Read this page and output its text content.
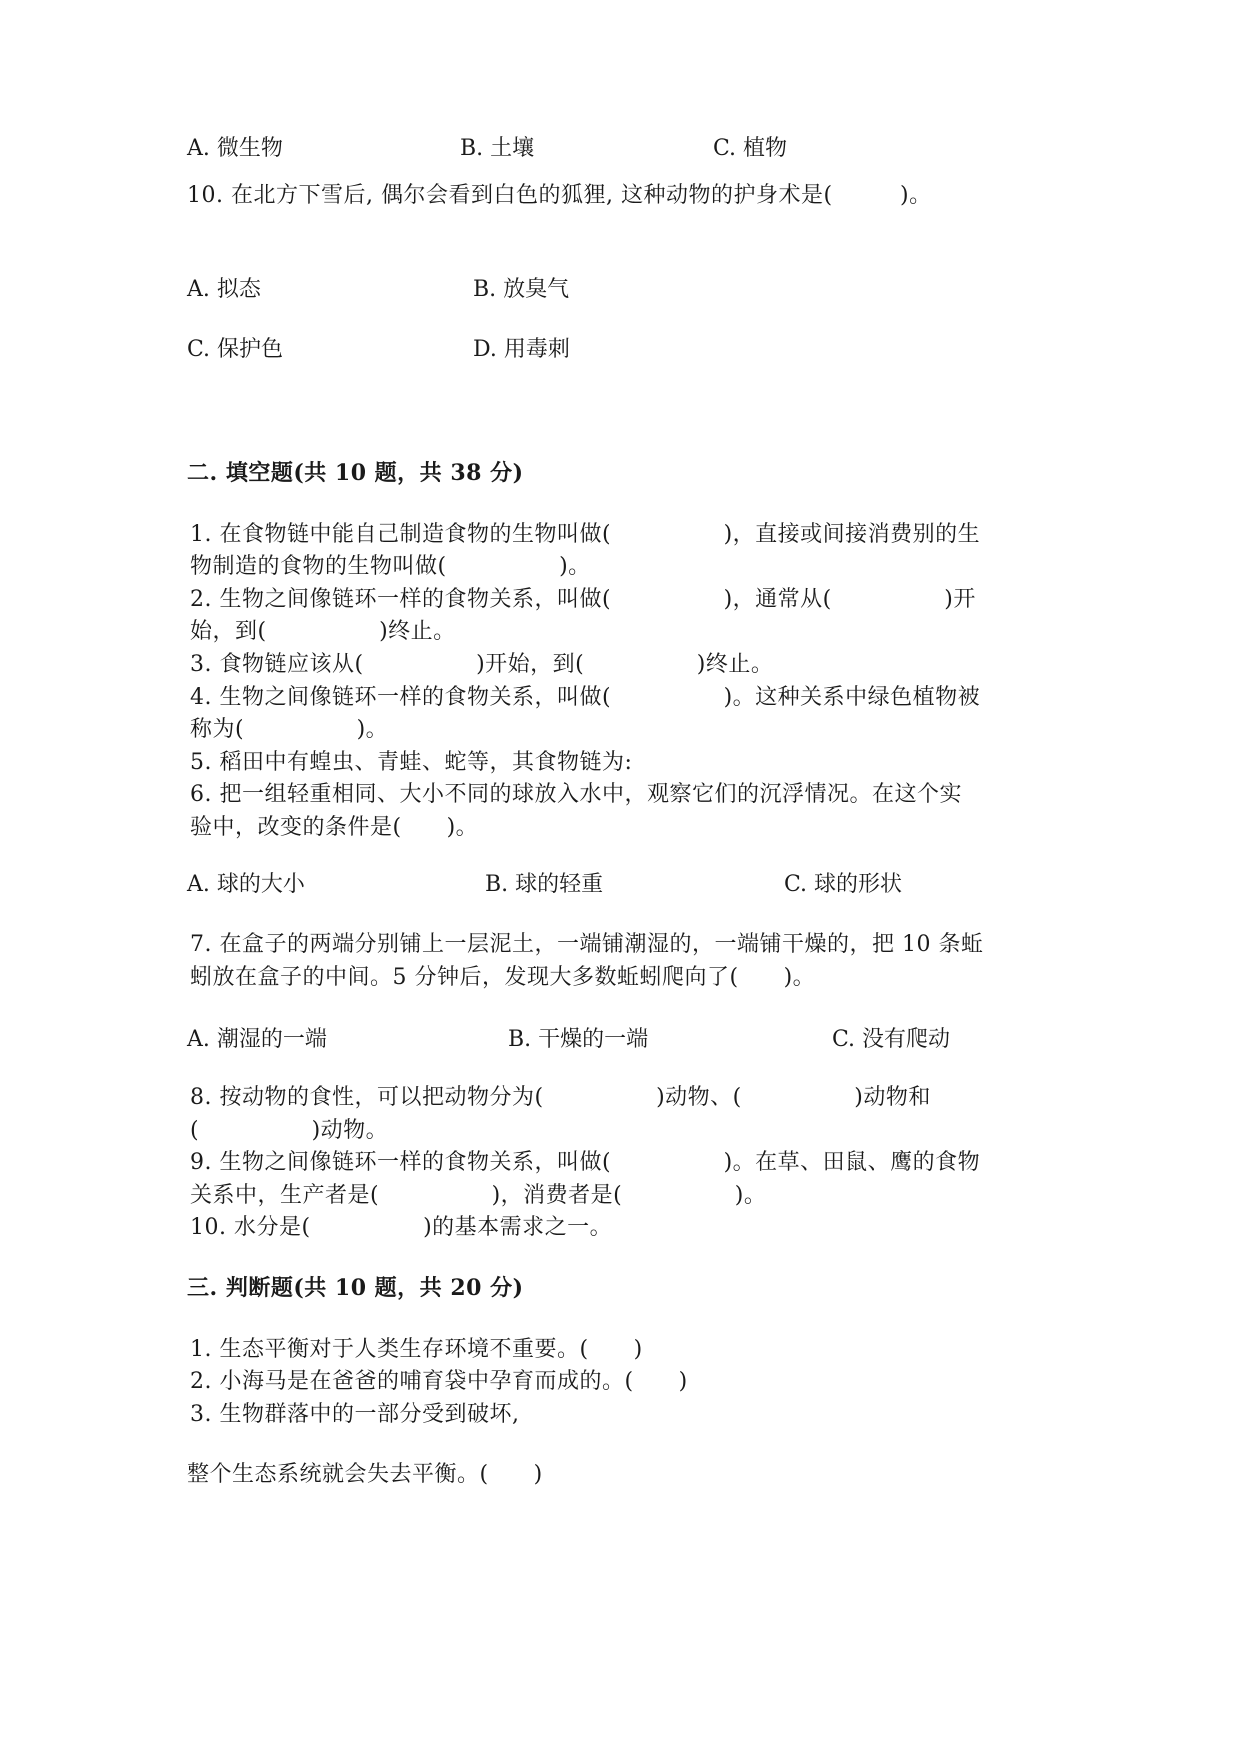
A. 微生物	B. 土壤	C. 植物
10. 在北方下雪后, 偶尔会看到白色的狐狸, 这种动物的护身术是(　　　)。
A. 拟态	B. 放臭气
C. 保护色	D. 用毒刺
二. 填空题(共 10 题，共 38 分)
1. 在食物链中能自己制造食物的生物叫做(　　　　　)，直接或间接消费别的生
物制造的食物的生物叫做(　　　　　)。
2. 生物之间像链环一样的食物关系，叫做(　　　　　)，通常从(　　　　　)开
始，到(　　　　　)终止。
3. 食物链应该从(　　　　　)开始，到(　　　　　)终止。
4. 生物之间像链环一样的食物关系，叫做(　　　　　)。这种关系中绿色植物被
称为(　　　　　)。
5. 稻田中有蝗虫、青蛙、蛇等，其食物链为:
6. 把一组轻重相同、大小不同的球放入水中，观察它们的沉浮情况。在这个实
验中，改变的条件是(　　)。
A. 球的大小	B. 球的轻重	C. 球的形状
7. 在盒子的两端分别铺上一层泥土，一端铺潮湿的，一端铺干燥的，把 10 条蚯
蚓放在盒子的中间。5 分钟后，发现大多数蚯蚓爬向了(　　)。
A. 潮湿的一端	B. 干燥的一端	C. 没有爬动
8. 按动物的食性，可以把动物分为(　　　　　)动物、(　　　　　)动物和
(　　　　　)动物。
9. 生物之间像链环一样的食物关系，叫做(　　　　　)。在草、田鼠、鹰的食物
关系中，生产者是(　　　　　)，消费者是(　　　　　)。
10. 水分是(　　　　　)的基本需求之一。
三. 判断题(共 10 题，共 20 分)
1. 生态平衡对于人类生存环境不重要。(　　)
2. 小海马是在爸爸的哺育袋中孕育而成的。(　　)
3. 生物群落中的一部分受到破坏,
整个生态系统就会失去平衡。(　　)
